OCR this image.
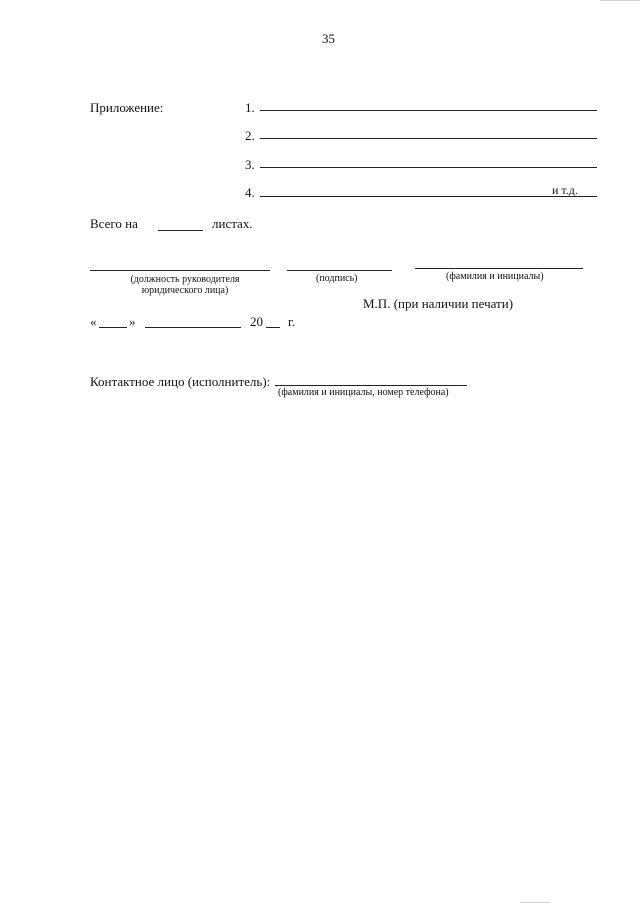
35
Приложение:	1.
2.
3.
4.	и т.д.
Всего на	листах.
(должность руководителя
юридического лица)
(подпись)	(фамилия и инициалы)
М.П. (при наличии печати)
«	»	20 г.
Контактное лицо (исполнитель):
(фамилия и инициалы, номер телефона)
